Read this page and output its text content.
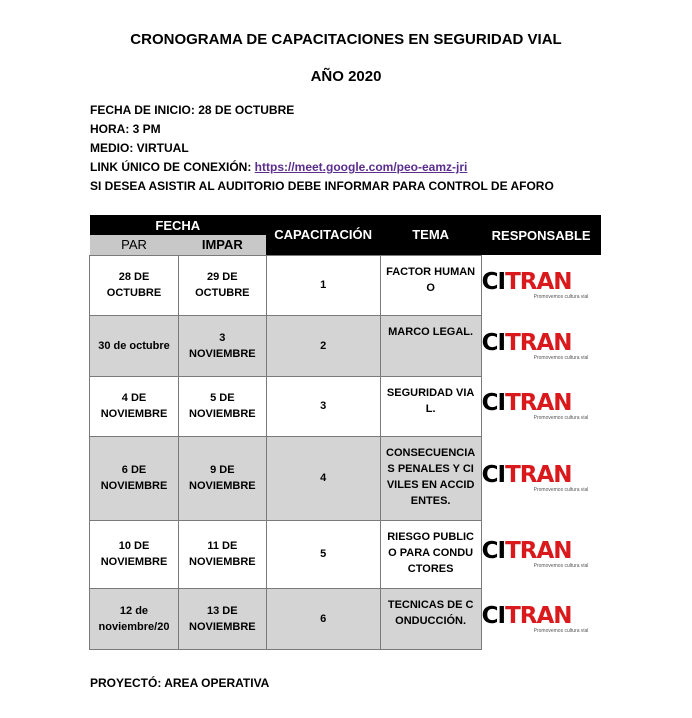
CRONOGRAMA DE CAPACITACIONES EN SEGURIDAD VIAL
AÑO 2020
FECHA DE INICIO: 28 DE OCTUBRE
HORA: 3 PM
MEDIO: VIRTUAL
LINK ÚNICO DE CONEXIÓN: https://meet.google.com/peo-eamz-jri
SI DESEA ASISTIR AL AUDITORIO DEBE INFORMAR PARA CONTROL DE AFORO
FECHA		CAPACITACIÓN	TEMA	RESPONSABLE
PAR	IMPAR			

28 DE OCTUBRE	29 DE OCTUBRE	1	FACTOR HUMANO	CITRAN
Promovemos cultura vial

30 de octubre	3 NOVIEMBRE	2	MARCO LEGAL.	CITRAN
Promovemos cultura vial

4 DE NOVIEMBRE	5 DE NOVIEMBRE	3	SEGURIDAD VIAL.	CITRAN
Promovemos cultura vial

6 DE NOVIEMBRE	9 DE NOVIEMBRE	4	CONSECUENCIAS PENALES Y CIVILES EN ACCIDENTES.	CITRAN
Promovemos cultura vial

10 DE NOVIEMBRE	11 DE NOVIEMBRE	5	RIESGO PUBLICO PARA CONDUCTORES	CITRAN
Promovemos cultura vial

12 de noviembre/20	13 DE NOVIEMBRE	6	TECNICAS DE CONDUCCIÓN.	CITRAN
Promovemos cultura vial
PROYECTÓ: AREA OPERATIVA
